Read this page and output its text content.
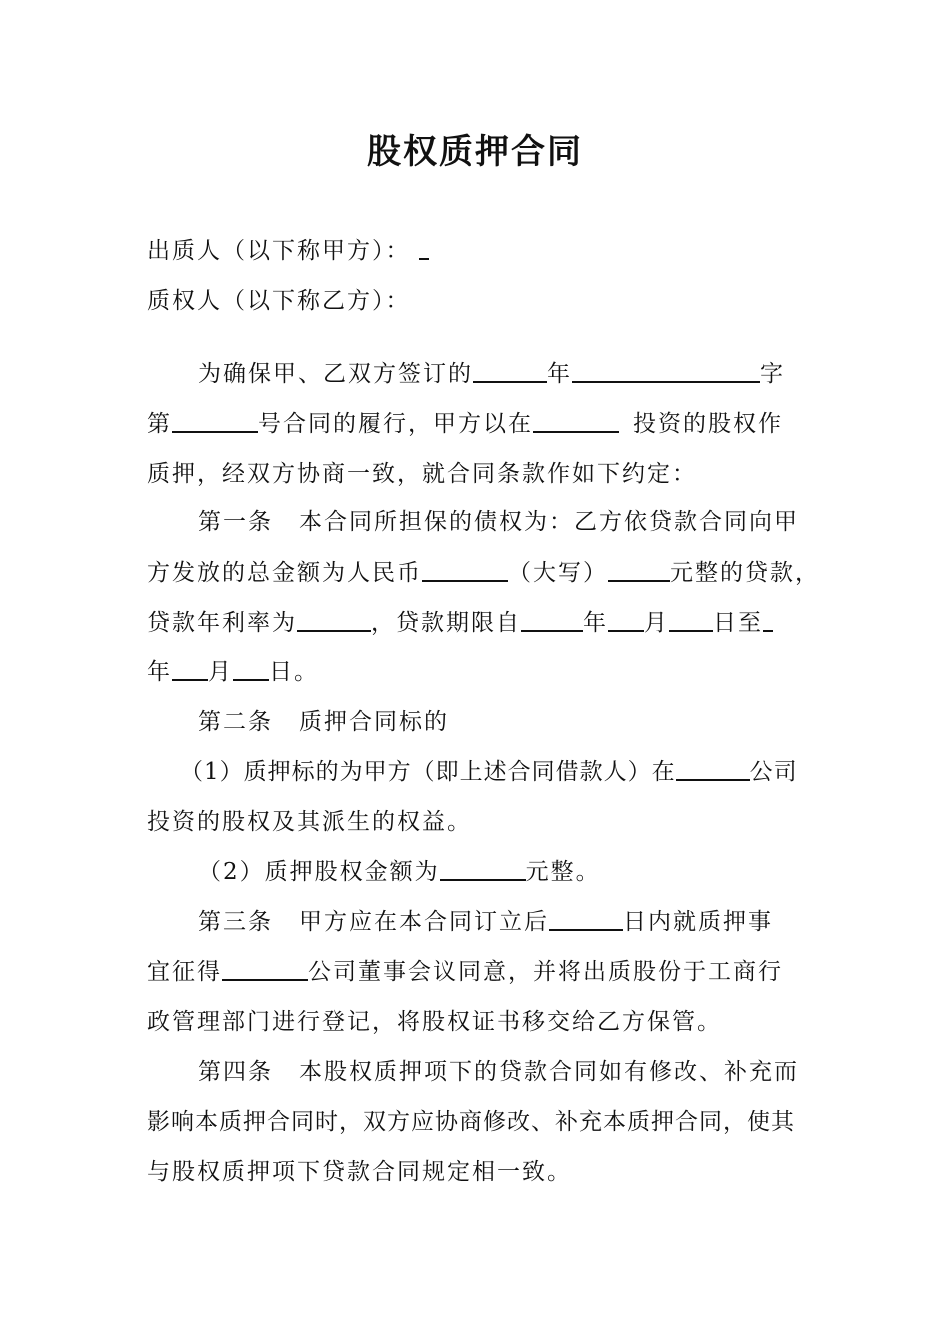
股权质押合同

出质人（以下称甲方）：

质权人（以下称乙方）：

为确保甲、乙双方签订的	年	字

第	号合同的履行，甲方以在	投资的股权作

质押，经双方协商一致，就合同条款作如下约定：

第一条 本合同所担保的债权为：乙方依贷款合同向甲

方发放的总金额为人民币	（大写）	元整的贷款，

贷款年利率为	，贷款期限自	年 月 日至

年 月 日。

第二条 质押合同标的

（1）质押标的为甲方（即上述合同借款人）在	公司

投资的股权及其派生的权益。

（2）质押股权金额为	元整。

第三条 甲方应在本合同订立后	日内就质押事

宜征得	公司董事会议同意，并将出质股份于工商行

政管理部门进行登记，将股权证书移交给乙方保管。

第四条 本股权质押项下的贷款合同如有修改、补充而

影响本质押合同时，双方应协商修改、补充本质押合同，使其

与股权质押项下贷款合同规定相一致。
